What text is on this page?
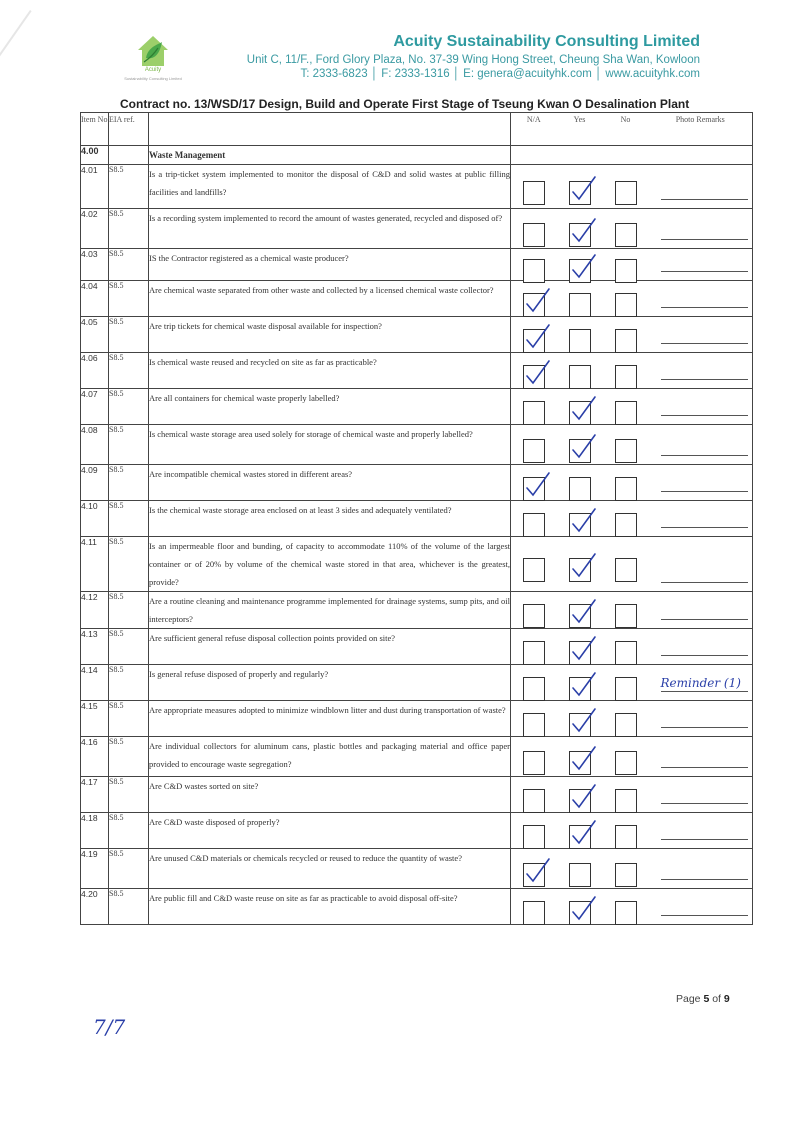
Acuity
Sustainability Consulting Limited
Acuity Sustainability Consulting Limited
Unit C, 11/F., Ford Glory Plaza, No. 37-39 Wing Hong Street, Cheung Sha Wan, Kowloon
T: 2333-6823 │ F: 2333-1316 │ E: genera@acuityhk.com │ www.acuityhk.com
Contract no. 13/WSD/17 Design, Build and Operate First Stage of Tseung Kwan O Desalination Plant
Item No	EIA ref.		N/A	Yes	No	Photo Remarks
4.00		Waste Management				
4.01	S8.5	Is a trip-ticket system implemented to monitor the disposal of C&D and solid wastes at public filling facilities and landfills?	

4.02	S8.5	Is a recording system implemented to record the amount of wastes generated, recycled and disposed of?	

4.03	S8.5	IS the Contractor registered as a chemical waste producer?	

4.04	S8.5	Are chemical waste separated from other waste and collected by a licensed chemical waste collector?	

4.05	S8.5	Are trip tickets for chemical waste disposal available for inspection?	

4.06	S8.5	Is chemical waste reused and recycled on site as far as practicable?	

4.07	S8.5	Are all containers for chemical waste properly labelled?	

4.08	S8.5	Is chemical waste storage area used solely for storage of chemical waste and properly labelled?	

4.09	S8.5	Are incompatible chemical wastes stored in different areas?	

4.10	S8.5	Is the chemical waste storage area enclosed on at least 3 sides and adequately ventilated?	

4.11	S8.5	Is an impermeable floor and bunding, of capacity to accommodate 110% of the volume of the largest container or of 20% by volume of the chemical waste stored in that area, whichever is the greatest, provide?	

4.12	S8.5	Are a routine cleaning and maintenance programme implemented for drainage systems, sump pits, and oil interceptors?	

4.13	S8.5	Are sufficient general refuse disposal collection points provided on site?	

4.14	S8.5	Is general refuse disposed of properly and regularly?				Reminder (1)

4.15	S8.5	Are appropriate measures adopted to minimize windblown litter and dust during transportation of waste?	

4.16	S8.5	Are individual collectors for aluminum cans, plastic bottles and packaging material and office paper provided to encourage waste segregation?	

4.17	S8.5	Are C&D wastes sorted on site?	

4.18	S8.5	Are C&D waste disposed of properly?	

4.19	S8.5	Are unused C&D materials or chemicals recycled or reused to reduce the quantity of waste?	

4.20	S8.5	Are public fill and C&D waste reuse on site as far as practicable to avoid disposal off-site?	

Page 5 of 9
7/7
